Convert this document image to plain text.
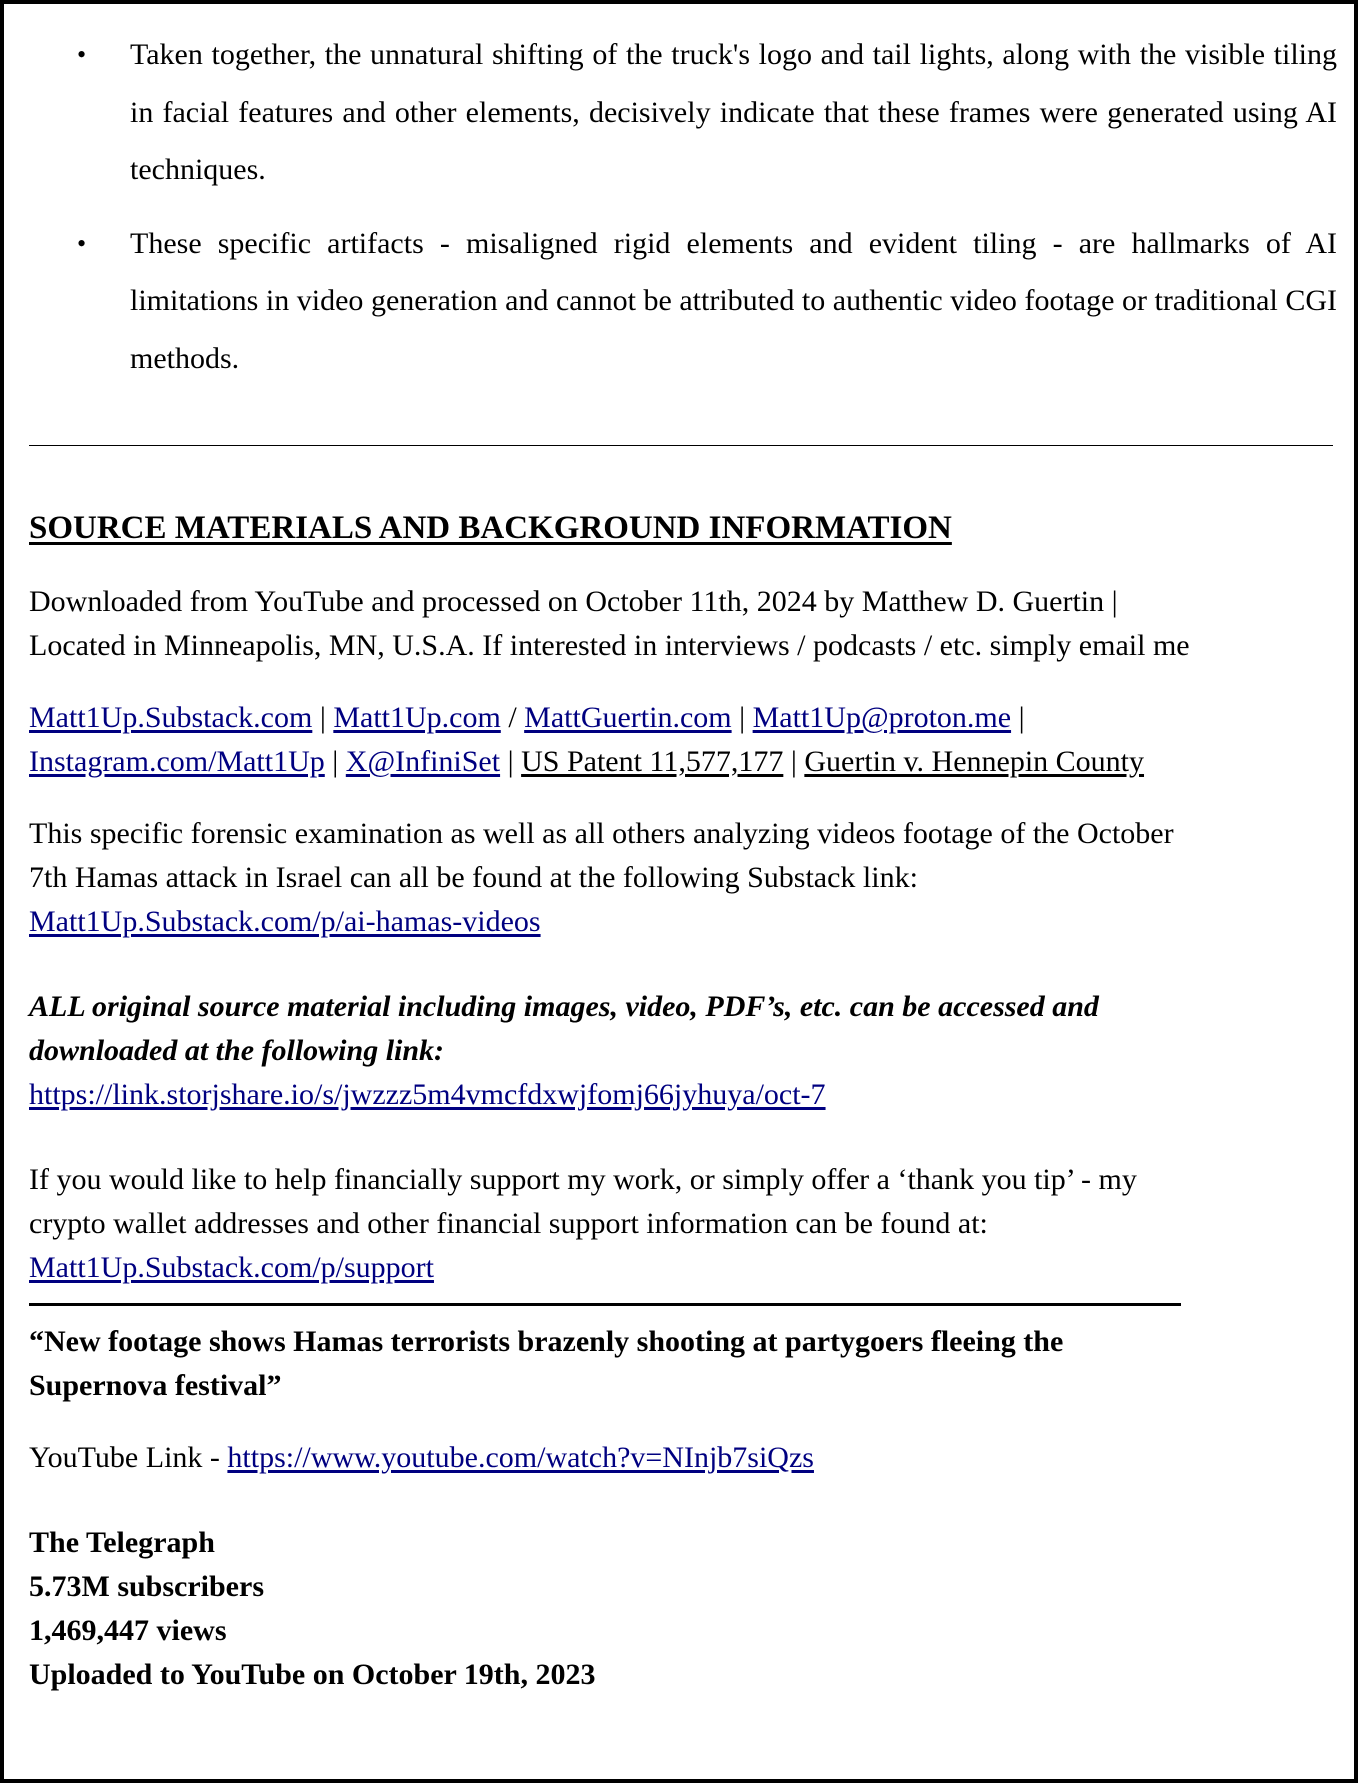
• Taken together, the unnatural shifting of the truck's logo and tail lights, along with the visible tiling in facial features and other elements, decisively indicate that these frames were generated using AI techniques.
• These specific artifacts - misaligned rigid elements and evident tiling - are hallmarks of AI limitations in video generation and cannot be attributed to authentic video footage or traditional CGI methods.
SOURCE MATERIALS AND BACKGROUND INFORMATION

Downloaded from YouTube and processed on October 11th, 2024 by Matthew D. Guertin |
Located in Minneapolis, MN, U.S.A. If interested in interviews / podcasts / etc. simply email me

Matt1Up.Substack.com | Matt1Up.com / MattGuertin.com | Matt1Up@proton.me |
Instagram.com/Matt1Up | X@InfiniSet | US Patent 11,577,177 | Guertin v. Hennepin County

This specific forensic examination as well as all others analyzing videos footage of the October
7th Hamas attack in Israel can all be found at the following Substack link:
Matt1Up.Substack.com/p/ai-hamas-videos

ALL original source material including images, video, PDF’s, etc. can be accessed and
downloaded at the following link:
https://link.storjshare.io/s/jwzzz5m4vmcfdxwjfomj66jyhuya/oct-7

If you would like to help financially support my work, or simply offer a ‘thank you tip’ - my
crypto wallet addresses and other financial support information can be found at:
Matt1Up.Substack.com/p/support

“New footage shows Hamas terrorists brazenly shooting at partygoers fleeing the
Supernova festival”

YouTube Link - https://www.youtube.com/watch?v=NInjb7siQzs

The Telegraph
5.73M subscribers
1,469,447 views
Uploaded to YouTube on October 19th, 2023
